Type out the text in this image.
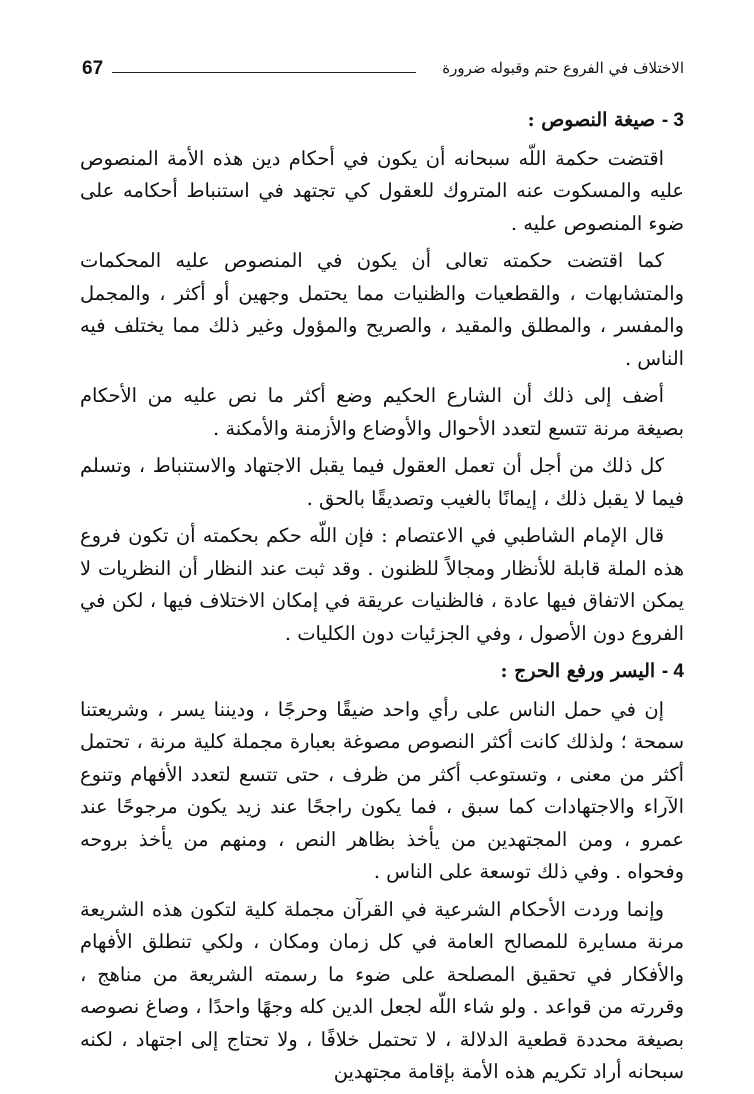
67	الاختلاف في الفروع حتم وقبوله ضرورة
3 - صيغة النصوص :

اقتضت حكمة اللّه سبحانه أن يكون في أحكام دين هذه الأمة المنصوص عليه والمسكوت عنه المتروك للعقول كي تجتهد في استنباط أحكامه على ضوء المنصوص عليه .

كما اقتضت حكمته تعالى أن يكون في المنصوص عليه المحكمات والمتشابهات ، والقطعيات والظنيات مما يحتمل وجهين أو أكثر ، والمجمل والمفسر ، والمطلق والمقيد ، والصريح والمؤول وغير ذلك مما يختلف فيه الناس .

أضف إلى ذلك أن الشارع الحكيم وضع أكثر ما نص عليه من الأحكام بصيغة مرنة تتسع لتعدد الأحوال والأوضاع والأزمنة والأمكنة .

كل ذلك من أجل أن تعمل العقول فيما يقبل الاجتهاد والاستنباط ، وتسلم فيما لا يقبل ذلك ، إيمانًا بالغيب وتصديقًا بالحق .

قال الإمام الشاطبي في الاعتصام : فإن اللّه حكم بحكمته أن تكون فروع هذه الملة قابلة للأنظار ومجالاً للظنون . وقد ثبت عند النظار أن النظريات لا يمكن الاتفاق فيها عادة ، فالظنيات عريقة في إمكان الاختلاف فيها ، لكن في الفروع دون الأصول ، وفي الجزئيات دون الكليات .

4 - اليسر ورفع الحرج :

إن في حمل الناس على رأي واحد ضيقًا وحرجًا ، وديننا يسر ، وشريعتنا سمحة ؛ ولذلك كانت أكثر النصوص مصوغة بعبارة مجملة كلية مرنة ، تحتمل أكثر من معنى ، وتستوعب أكثر من ظرف ، حتى تتسع لتعدد الأفهام وتنوع الآراء والاجتهادات كما سبق ، فما يكون راجحًا عند زيد يكون مرجوحًا عند عمرو ، ومن المجتهدين من يأخذ بظاهر النص ، ومنهم من يأخذ بروحه وفحواه . وفي ذلك توسعة على الناس .

وإنما وردت الأحكام الشرعية في القرآن مجملة كلية لتكون هذه الشريعة مرنة مسايرة للمصالح العامة في كل زمان ومكان ، ولكي تنطلق الأفهام والأفكار في تحقيق المصلحة على ضوء ما رسمته الشريعة من مناهج ، وقررته من قواعد . ولو شاء اللّه لجعل الدين كله وجهًا واحدًا ، وصاغ نصوصه بصيغة محددة قطعية الدلالة ، لا تحتمل خلافًا ، ولا تحتاج إلى اجتهاد ، لكنه سبحانه أراد تكريم هذه الأمة بإقامة مجتهدين
